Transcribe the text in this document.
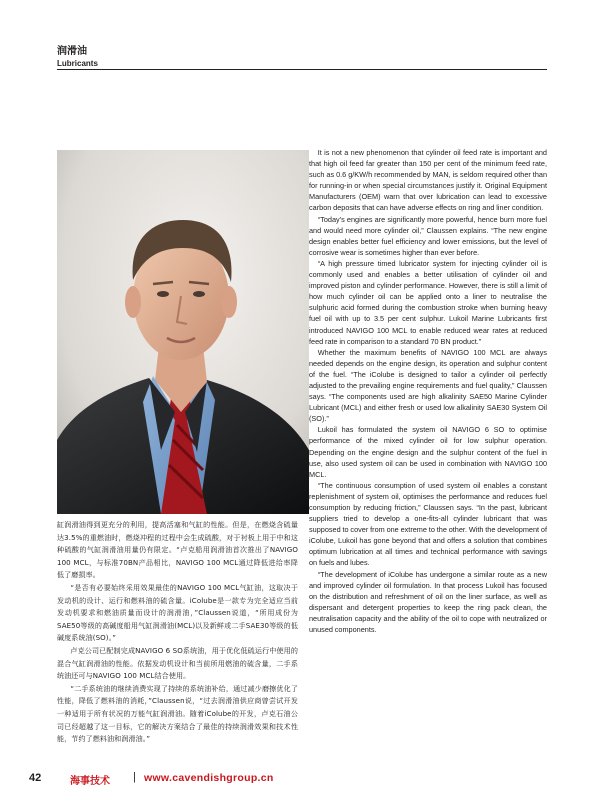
润滑油
Lubricants

缸润滑油得到更充分的利用，提高活塞和气缸的性能。但是，在燃烧含硫量达3.5%的重燃油时，燃烧冲程的过程中会生成硫酸，对于衬板上用于中和这种硫酸的气缸润滑油用量仍有限定。“卢克船用润滑油首次推出了NAVIGO 100 MCL，与标准70BN产品相比，NAVIGO 100 MCL通过降低进给率降低了磨损率。

“是否有必要始终采用效果最佳的NAVIGO 100 MCL气缸油，这取决于发动机的设计、运行和燃料油的硫含量。iColube是一款专为完全适应当前发动机要求和燃油质量而设计的润滑油，”Claussen说道，“所用成份为SAE50等级的高碱度船用气缸润滑油(MCL)以及新鲜或二手SAE30等级的低碱度系统油(SO)。”

卢克公司已配制完成NAVIGO 6 SO系统油，用于优化低硫运行中使用的混合气缸润滑油的性能。依据发动机设计和当前所用燃油的硫含量，二手系统油还可与NAVIGO 100 MCL结合使用。

“二手系统油的继续消费实现了持续的系统油补给，通过减少磨擦优化了性能，降低了燃料油的消耗，”Claussen说，“过去润滑油供应商曾尝试开发一种适用于所有状况的万能气缸润滑油。随着iColube的开发，卢克石油公司已经超越了这一目标，它的解决方案结合了最佳的持续润滑效果和技术性能，节约了燃料油和润滑油。”

It is not a new phenomenon that cylinder oil feed rate is important and that high oil feed far greater than 150 per cent of the minimum feed rate, such as 0.6 g/KW/h recommended by MAN, is seldom required other than for running-in or when special circumstances justify it. Original Equipment Manufacturers (OEM) warn that over lubrication can lead to excessive carbon deposits that can have adverse effects on ring and liner condition.

“Today’s engines are significantly more powerful, hence burn more fuel and would need more cylinder oil,” Claussen explains. “The new engine design enables better fuel efficiency and lower emissions, but the level of corrosive wear is sometimes higher than ever before.

“A high pressure timed lubricator system for injecting cylinder oil is commonly used and enables a better utilisation of cylinder oil and improved piston and cylinder performance. However, there is still a limit of how much cylinder oil can be applied onto a liner to neutralise the sulphuric acid formed during the combustion stroke when burning heavy fuel oil with up to 3.5 per cent sulphur. Lukoil Marine Lubricants first introduced NAVIGO 100 MCL to enable reduced wear rates at reduced feed rate in comparison to a standard 70 BN product.”

Whether the maximum benefits of NAVIGO 100 MCL are always needed depends on the engine design, its operation and sulphur content of the fuel. “The iColube is designed to tailor a cylinder oil perfectly adjusted to the prevailing engine requirements and fuel quality,” Claussen says. “The components used are high alkalinity SAE50 Marine Cylinder Lubricant (MCL) and either fresh or used low alkalinity SAE30 System Oil (SO).”

Lukoil has formulated the system oil NAVIGO 6 SO to optimise performance of the mixed cylinder oil for low sulphur operation. Depending on the engine design and the sulphur content of the fuel in use, also used system oil can be used in combination with NAVIGO 100 MCL.

“The continuous consumption of used system oil enables a constant replenishment of system oil, optimises the performance and reduces fuel consumption by reducing friction,” Claussen says. “In the past, lubricant suppliers tried to develop a one-fits-all cylinder lubricant that was supposed to cover from one extreme to the other. With the development of iColube, Lukoil has gone beyond that and offers a solution that combines optimum lubrication at all times and technical performance with savings on fuels and lubes.

“The development of iColube has undergone a similar route as a new and improved cylinder oil formulation. In that process Lukoil has focused on the distribution and refreshment of oil on the liner surface, as well as dispersant and detergent properties to keep the ring pack clean, the neutralisation capacity and the ability of the oil to cope with neutralized or unused components.

42	海事技术 | www.cavendishgroup.cn
